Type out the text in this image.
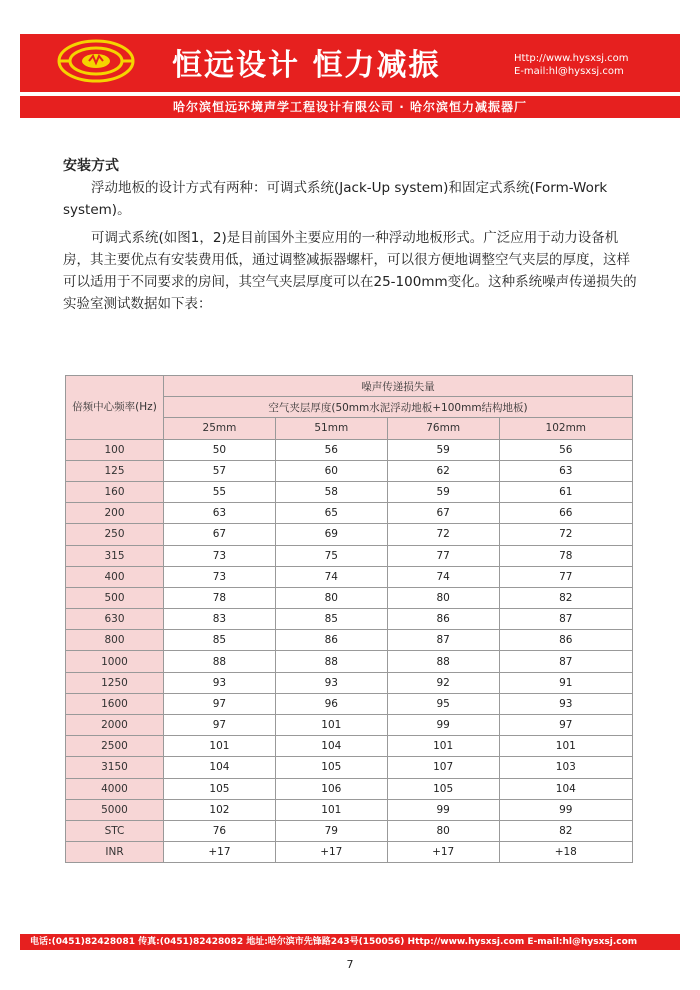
恒远设计 恒力减振	Http://www.hysxsj.com
E-mail:hl@hysxsj.com
哈尔滨恒远环境声学工程设计有限公司 · 哈尔滨恒力减振器厂
安装方式
浮动地板的设计方式有两种：可调式系统(Jack-Up system)和固定式系统(Form-Work system)。
可调式系统(如图1，2)是目前国外主要应用的一种浮动地板形式。广泛应用于动力设备机房，其主要优点有安装费用低，通过调整减振器螺杆，可以很方便地调整空气夹层的厚度，这样可以适用于不同要求的房间，其空气夹层厚度可以在25-100mm变化。这种系统噪声传递损失的实验室测试数据如下表：
倍频中心频率(Hz)	噪声传递损失量			
	空气夹层厚度(50mm水泥浮动地板+100mm结构地板)			
	25mm	51mm	76mm	102mm
100	50	56	59	56
125	57	60	62	63
160	55	58	59	61
200	63	65	67	66
250	67	69	72	72
315	73	75	77	78
400	73	74	74	77
500	78	80	80	82
630	83	85	86	87
800	85	86	87	86
1000	88	88	88	87
1250	93	93	92	91
1600	97	96	95	93
2000	97	101	99	97
2500	101	104	101	101
3150	104	105	107	103
4000	105	106	105	104
5000	102	101	99	99
STC	76	79	80	82
INR	+17	+17	+17	+18
电话:(0451)82428081 传真:(0451)82428082 地址:哈尔滨市先锋路243号(150056) Http://www.hysxsj.com E-mail:hl@hysxsj.com
7
